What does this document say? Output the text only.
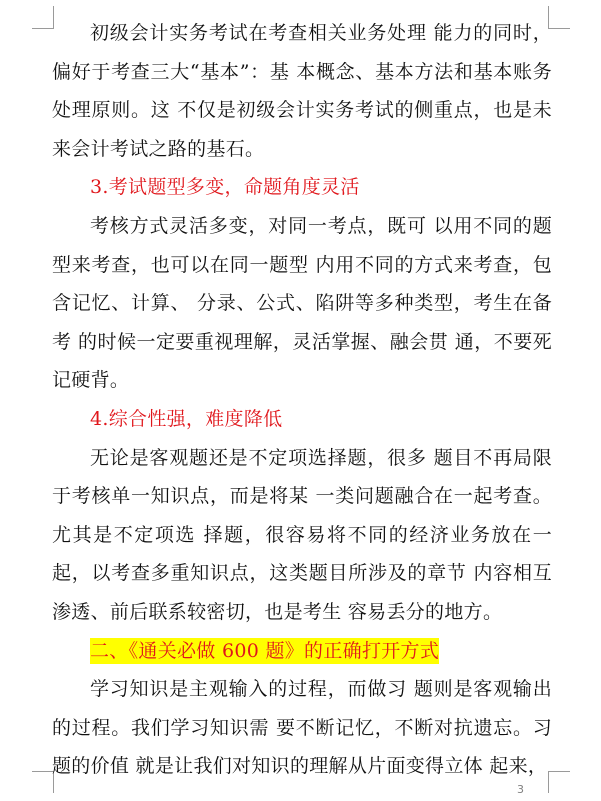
初级会计实务考试在考查相关业务处理 能力的同时，偏好于考查三大“基本”：基 本概念、基本方法和基本账务处理原则。这 不仅是初级会计实务考试的侧重点，也是未 来会计考试之路的基石。

3.考试题型多变，命题角度灵活

考核方式灵活多变，对同一考点，既可 以用不同的题型来考查，也可以在同一题型 内用不同的方式来考查，包含记忆、计算、 分录、公式、陷阱等多种类型，考生在备考 的时候一定要重视理解，灵活掌握、融会贯 通，不要死记硬背。

4.综合性强，难度降低

无论是客观题还是不定项选择题，很多 题目不再局限于考核单一知识点，而是将某 一类问题融合在一起考查。尤其是不定项选 择题，很容易将不同的经济业务放在一起，以考查多重知识点，这类题目所涉及的章节 内容相互渗透、前后联系较密切，也是考生 容易丢分的地方。

二、《通关必做 600 题》的正确打开方式

学习知识是主观输入的过程，而做习 题则是客观输出的过程。我们学习知识需 要不断记忆，不断对抗遗忘。习题的价值 就是让我们对知识的理解从片面变得立体 起来，

3
